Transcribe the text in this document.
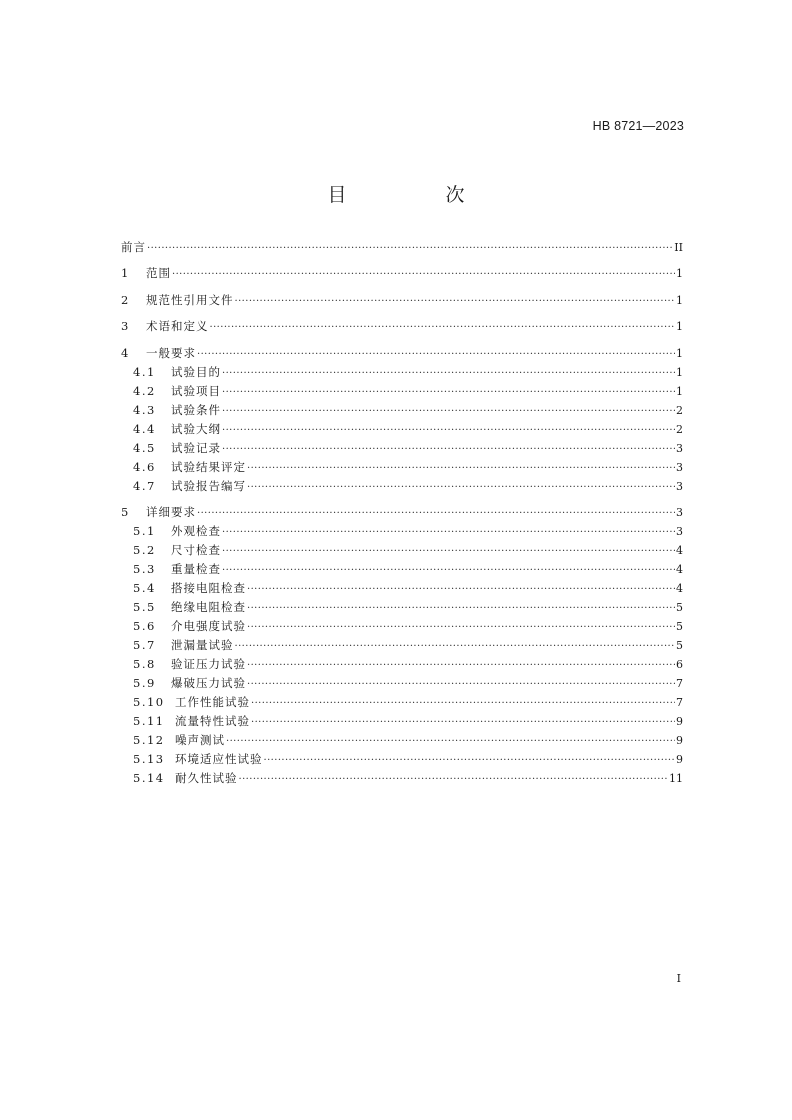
HB 8721—2023
目　次
前言 ·····	II
1	范围 ·····	1
2	规范性引用文件 ·····	1
3	术语和定义 ·····	1
4	一般要求 ·····	1
4.1	试验目的 ·····	1
4.2	试验项目 ·····	1
4.3	试验条件 ·····	2
4.4	试验大纲 ·····	2
4.5	试验记录 ·····	3
4.6	试验结果评定 ·····	3
4.7	试验报告编写 ·····	3
5	详细要求 ·····	3
5.1	外观检查 ·····	3
5.2	尺寸检查 ·····	4
5.3	重量检查 ·····	4
5.4	搭接电阻检查 ·····	4
5.5	绝缘电阻检查 ·····	5
5.6	介电强度试验 ·····	5
5.7	泄漏量试验 ·····	5
5.8	验证压力试验 ·····	6
5.9	爆破压力试验 ·····	7
5.10 工作性能试验 ·····	7
5.11 流量特性试验 ·····	9
5.12 噪声测试 ·····	9
5.13 环境适应性试验 ·····	9
5.14 耐久性试验 ·····	11
I
